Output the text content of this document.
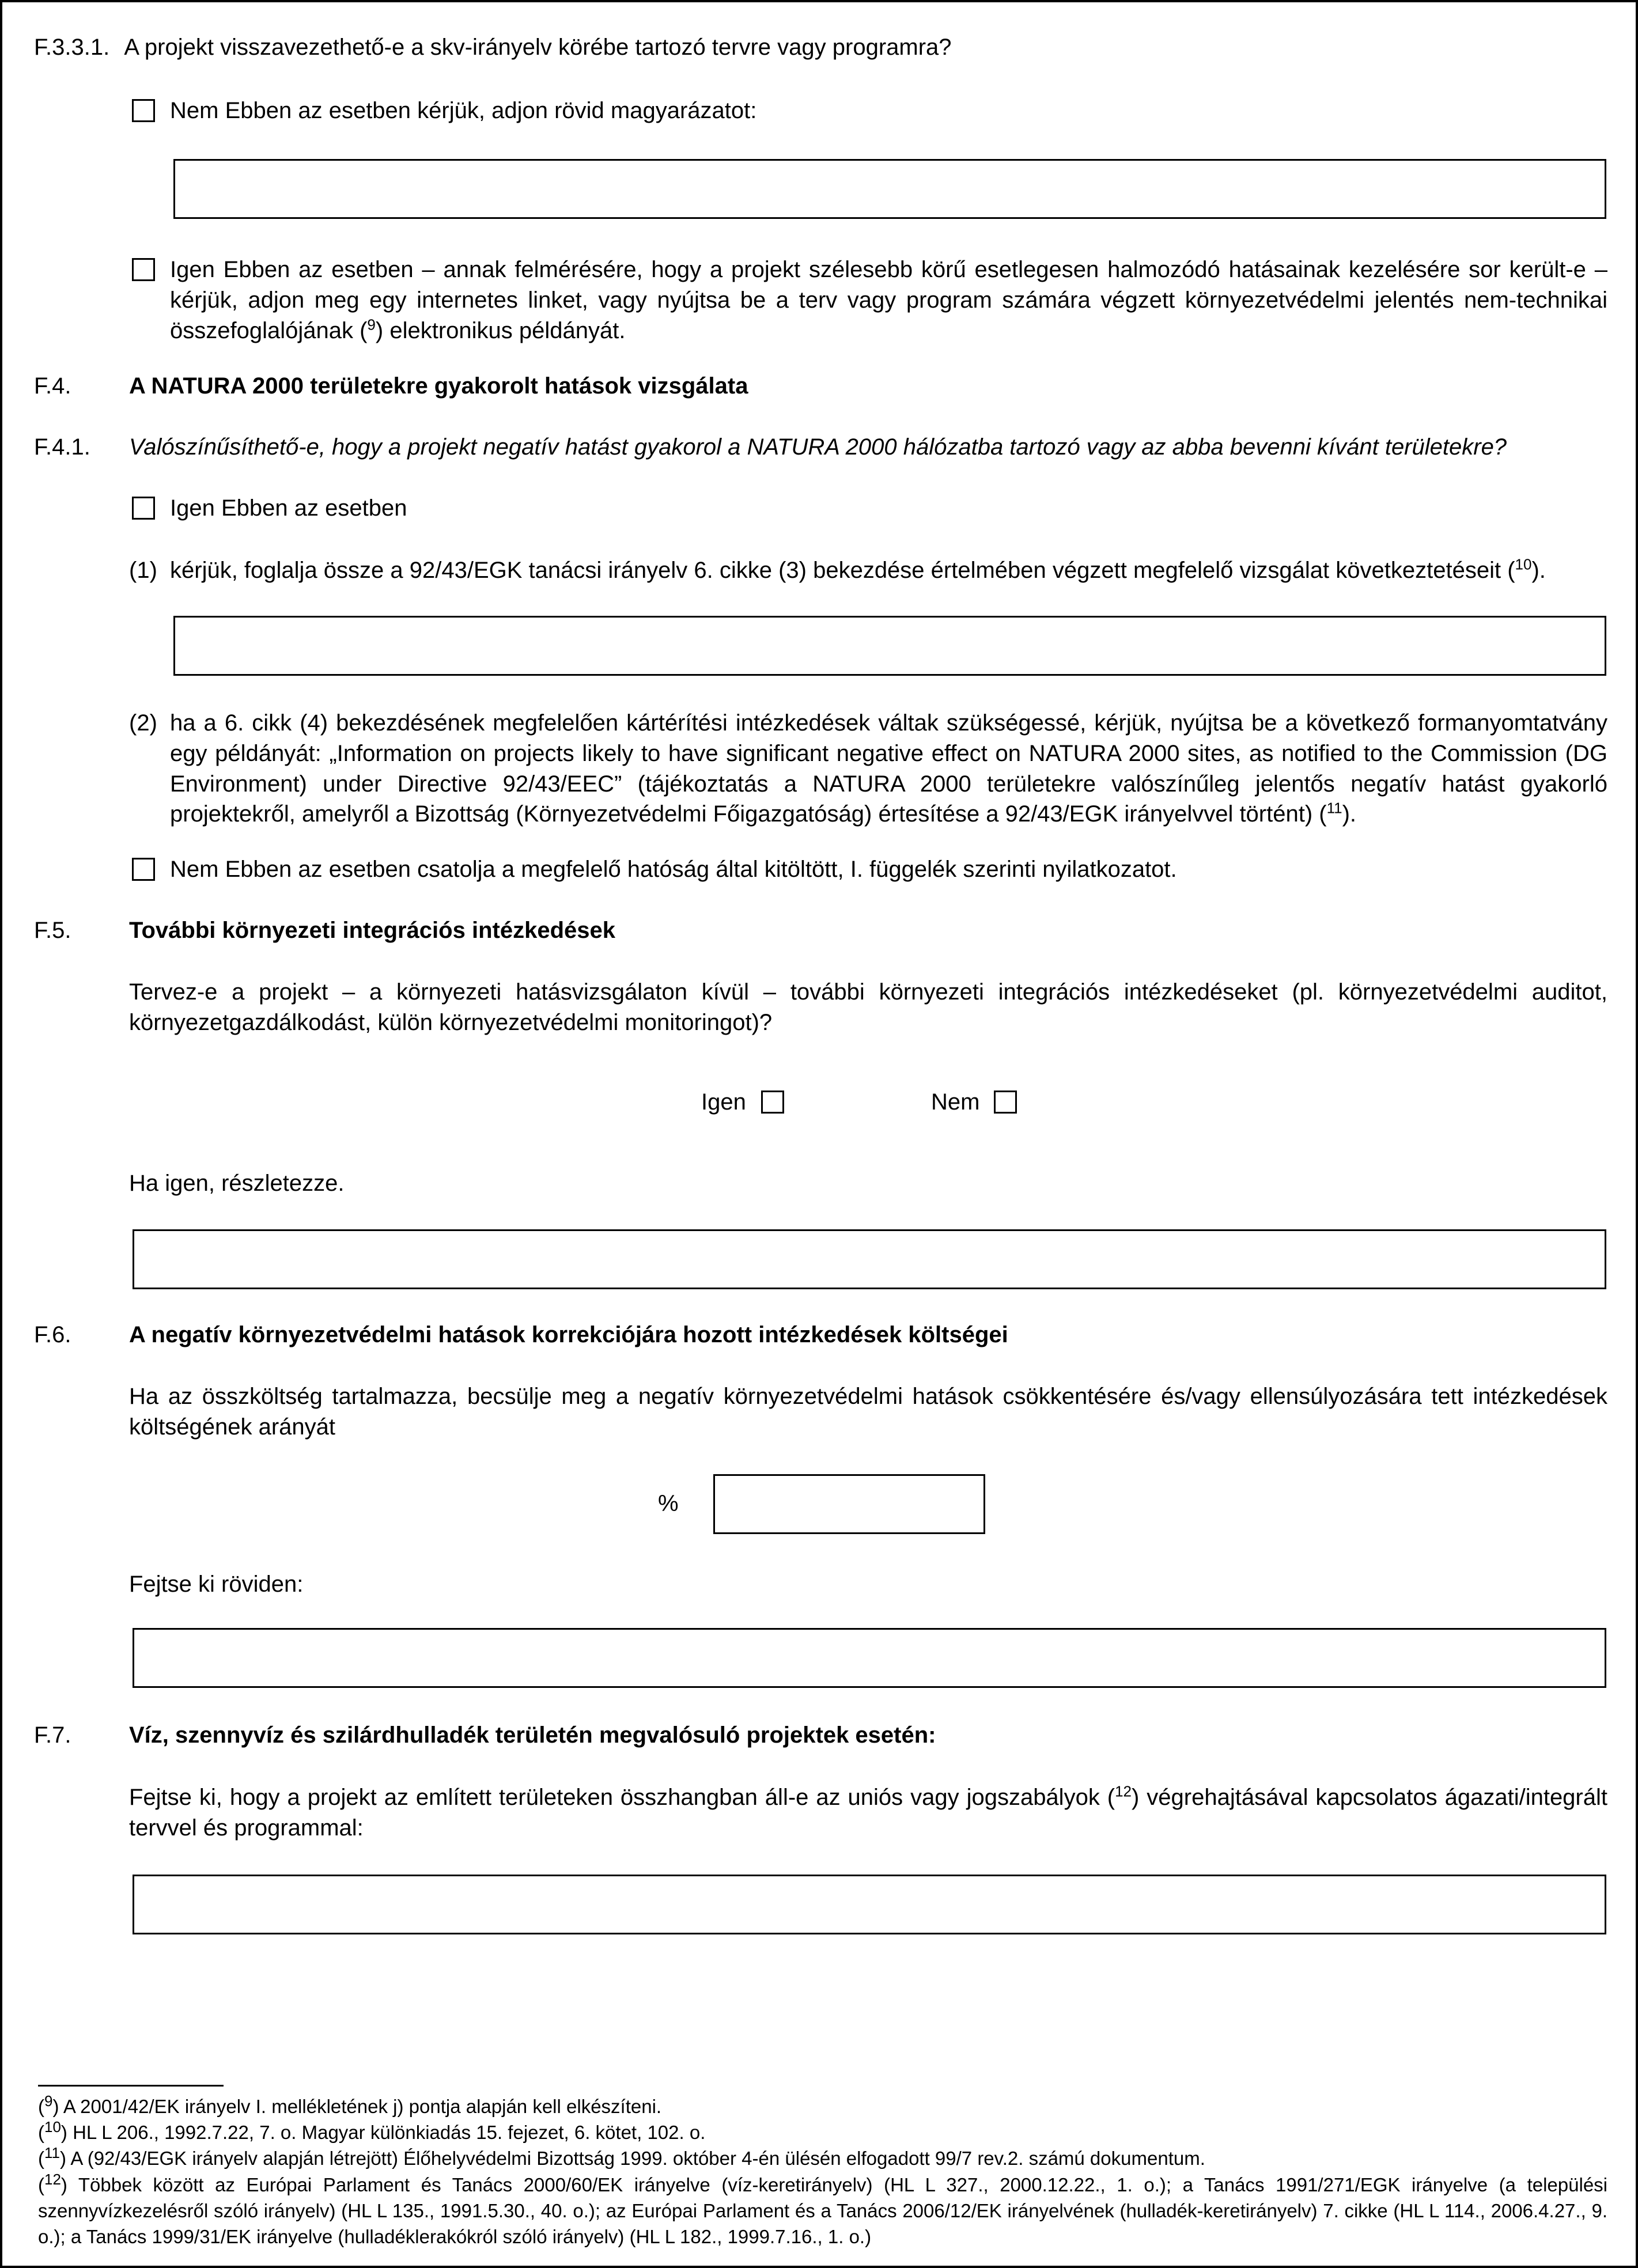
F.3.3.1. A projekt visszavezethető-e a skv-irányelv körébe tartozó tervre vagy programra?
Nem Ebben az esetben kérjük, adjon rövid magyarázatot:
Igen Ebben az esetben – annak felmérésére, hogy a projekt szélesebb körű esetlegesen halmozódó hatásainak kezelésére sor került-e – kérjük, adjon meg egy internetes linket, vagy nyújtsa be a terv vagy program számára végzett környezetvédelmi jelentés nem-technikai összefoglalójának ($^9$) elektronikus példányát.
F.4.	A NATURA 2000 területekre gyakorolt hatások vizsgálata
F.4.1. Valószínűsíthető-e, hogy a projekt negatív hatást gyakorol a NATURA 2000 hálózatba tartozó vagy az abba bevenni kívánt területekre?
Igen Ebben az esetben
(1) kérjük, foglalja össze a 92/43/EGK tanácsi irányelv 6. cikke (3) bekezdése értelmében végzett megfelelő vizsgálat következtetéseit ($^{10}$).
(2) ha a 6. cikk (4) bekezdésének megfelelően kártérítési intézkedések váltak szükségessé, kérjük, nyújtsa be a következő formanyomtatvány egy példányát: „Information on projects likely to have significant negative effect on NATURA 2000 sites, as notified to the Commission (DG Environment) under Directive 92/43/EEC” (tájékoztatás a NATURA 2000 területekre valószínűleg jelentős negatív hatást gyakorló projektekről, amelyről a Bizottság (Környezetvédelmi Főigazgatóság) értesítése a 92/43/EGK irányelvvel történt) ($^{11}$).
Nem Ebben az esetben csatolja a megfelelő hatóság által kitöltött, I. függelék szerinti nyilatkozatot.
F.5.	További környezeti integrációs intézkedések
Tervez-e a projekt – a környezeti hatásvizsgálaton kívül – további környezeti integrációs intézkedéseket (pl. környezetvédelmi auditot, környezetgazdálkodást, külön környezetvédelmi monitoringot)?
Igen	Nem
Ha igen, részletezze.
F.6.	A negatív környezetvédelmi hatások korrekciójára hozott intézkedések költségei
Ha az összköltség tartalmazza, becsülje meg a negatív környezetvédelmi hatások csökkentésére és/vagy ellensúlyozására tett intézkedések költségének arányát
%
Fejtse ki röviden:
F.7.	Víz, szennyvíz és szilárdhulladék területén megvalósuló projektek esetén:
Fejtse ki, hogy a projekt az említett területeken összhangban áll-e az uniós vagy jogszabályok ($^{12}$) végrehajtásával kapcsolatos ágazati/integrált tervvel és programmal:
($^9$) A 2001/42/EK irányelv I. mellékletének j) pontja alapján kell elkészíteni.
($^{10}$) HL L 206., 1992.7.22, 7. o. Magyar különkiadás 15. fejezet, 6. kötet, 102. o.
($^{11}$) A (92/43/EGK irányelv alapján létrejött) Élőhelyvédelmi Bizottság 1999. október 4-én ülésén elfogadott 99/7 rev.2. számú dokumentum.
($^{12}$) Többek között az Európai Parlament és Tanács 2000/60/EK irányelve (víz-keretirányelv) (HL L 327., 2000.12.22., 1. o.); a Tanács 1991/271/EGK irányelve (a települési szennyvízkezelésről szóló irányelv) (HL L 135., 1991.5.30., 40. o.); az Európai Parlament és a Tanács 2006/12/EK irányelvének (hulladék-keretirányelv) 7. cikke (HL L 114., 2006.4.27., 9. o.); a Tanács 1999/31/EK irányelve (hulladéklerakókról szóló irányelv) (HL L 182., 1999.7.16., 1. o.)
